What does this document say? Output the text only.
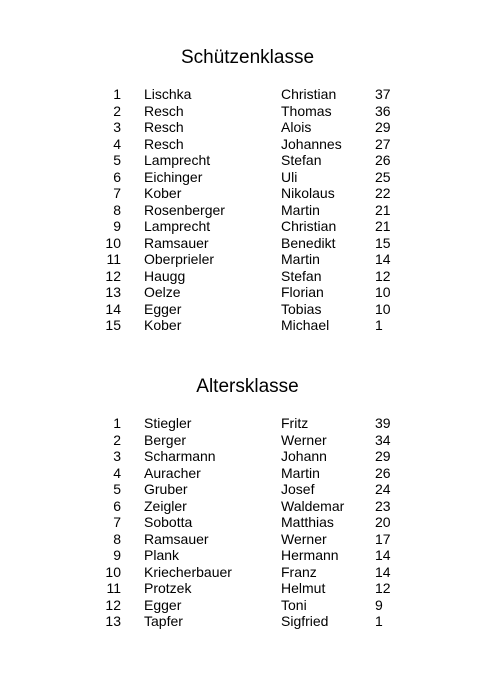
Schützenklasse
1 Lischka	Christian	37
2 Resch	Thomas	36
3 Resch	Alois	29
4 Resch	Johannes 27
5 Lamprecht	Stefan	26
6 Eichinger	Uli	25
7 Kober	Nikolaus	22
8 Rosenberger	Martin	21
9 Lamprecht	Christian	21
10 Ramsauer	Benedikt	15
11 Oberprieler	Martin	14
12 Haugg	Stefan	12
13 Oelze	Florian	10
14 Egger	Tobias	10
15 Kober	Michael	1
Altersklasse
1 Stiegler	Fritz	39
2 Berger	Werner	34
3 Scharmann	Johann	29
4 Auracher	Martin	26
5 Gruber	Josef	24
6 Zeigler	Waldemar 23
7 Sobotta	Matthias	20
8 Ramsauer	Werner	17
9 Plank	Hermann	14
10 Kriecherbauer	Franz	14
11 Protzek	Helmut	12
12 Egger	Toni	9
13 Tapfer	Sigfried	1
